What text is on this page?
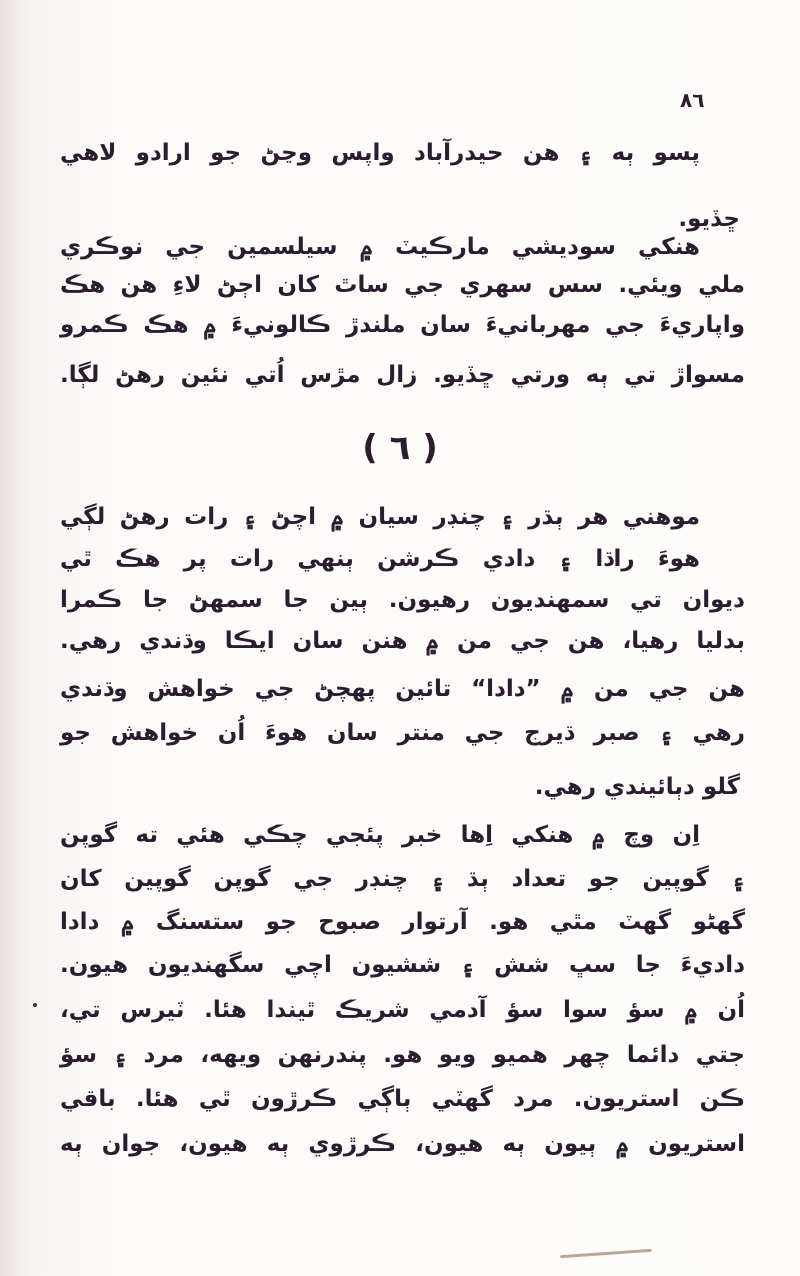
٨٦
پسو ٻه ۽ هن حيدرآباد واپس وڃڻ جو ارادو لاهي
ڇڏيو.
هنکي سوديشي مارڪيٽ ۾ سيلسمين جي نوڪري
ملي ويئي. سس سهري جي ساٿ کان اڄڻ لاءِ هن هڪ
واپاريءَ جي مهربانيءَ سان ملندڙ ڪالونيءَ ۾ هڪ ڪمرو
مسواڙ تي ٻه ورتي ڇڏيو. زال مڙس اُتي نئين رهڻ لڳا.
( ٦ )
موهني هر ٻڌر ۽ چنڊر سيان ۾ اچڻ ۽ رات رهڻ لڳي
هوءَ راڌا ۽ دادي ڪرشن ٻنهي رات پر هڪ ٿي
ديوان تي سمهنديون رهيون. ٻين جا سمهڻ جا ڪمرا
بدليا رهيا، هن جي من ۾ هنن سان ايڪا وڌندي رهي.
هن جي من ۾ ”دادا“ تائين پهچڻ جي خواهش وڌندي
رهي ۽ صبر ڌيرج جي منتر سان هوءَ اُن خواهش جو
گلو دٻائيندي رهي.
اِن وچ ۾ هنکي اِها خبر پئجي چڪي هئي ته گوپن
۽ گوپين جو تعداد ٻڌ ۽ چنڊر جي گوپن گوپين کان
گهڻو گهٽ مٿي هو. آرتوار صبوح جو ستسنگ ۾ دادا
داديءَ جا سڀ شش ۽ ششيون اچي سگهنديون هيون.
اُن ۾ سؤ سوا سؤ آدمي شريڪ ٿيندا هئا. ٽيرس تي،
جتي دائما چهر هميو ويو هو. پندرنهن ويهه، مرد ۽ سؤ
ڪن استريون. مرد گهٽي ٻاڳي ڪرڙون ٿي هئا. باقي
استريون ۾ ٻيون ٻه هيون، ڪرڙوي ٻه هيون، جوان ٻه
